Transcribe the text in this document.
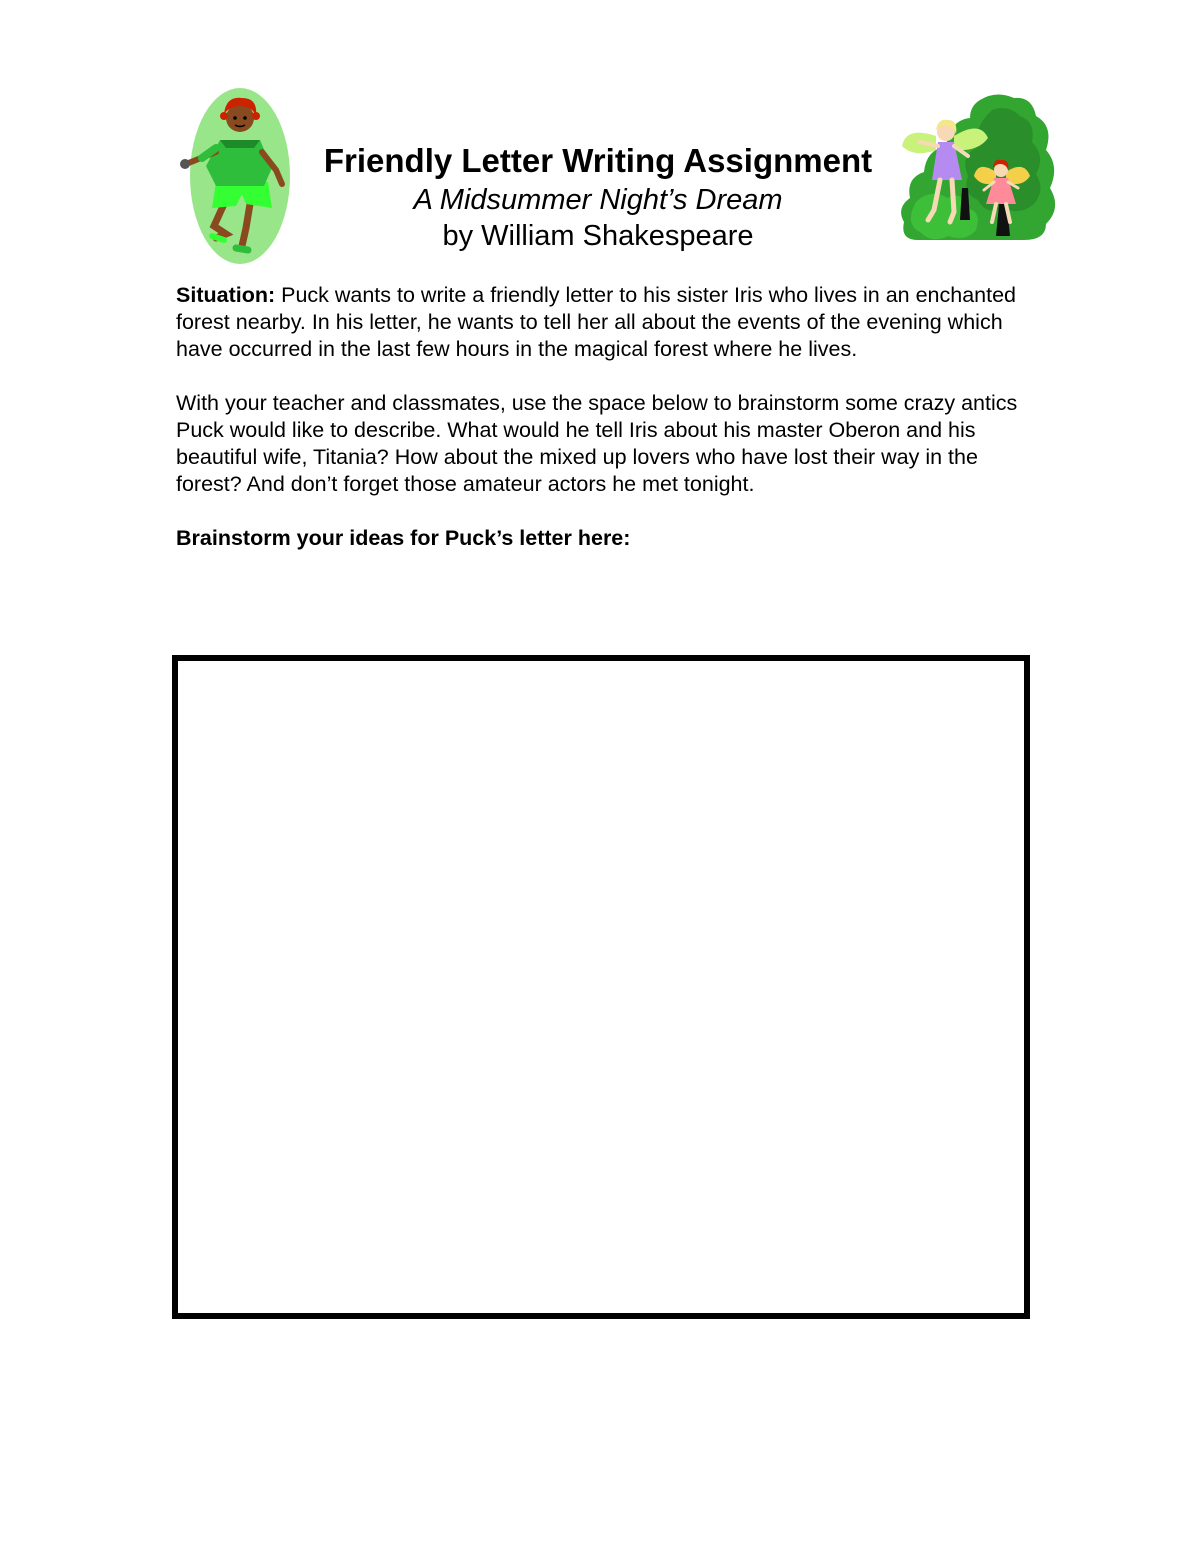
Friendly Letter Writing Assignment

A Midsummer Night’s Dream

by William Shakespeare

Situation: Puck wants to write a friendly letter to his sister Iris who lives in an enchanted forest nearby. In his letter, he wants to tell her all about the events of the evening which have occurred in the last few hours in the magical forest where he lives.

With your teacher and classmates, use the space below to brainstorm some crazy antics Puck would like to describe. What would he tell Iris about his master Oberon and his beautiful wife, Titania? How about the mixed up lovers who have lost their way in the forest? And don’t forget those amateur actors he met tonight.

Brainstorm your ideas for Puck’s letter here:
